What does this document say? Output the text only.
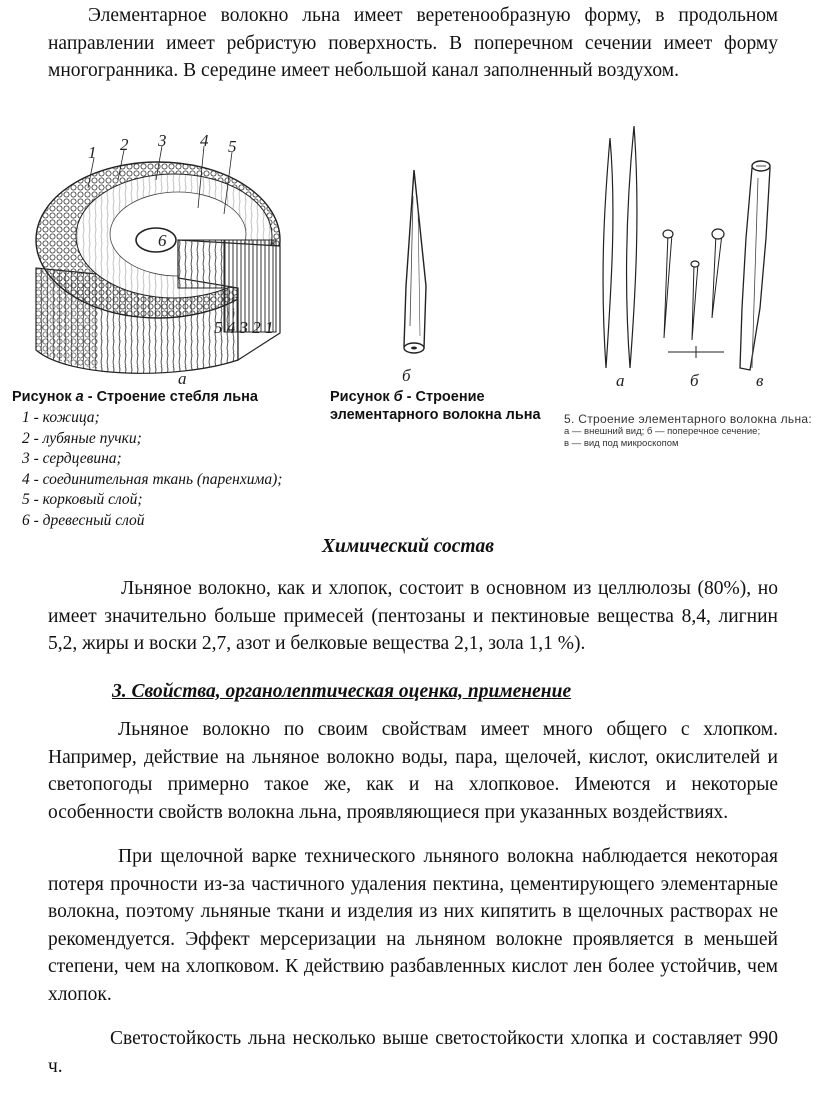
Элементарное волокно льна имеет веретенообразную форму, в продольном направлении имеет ребристую поверхность. В поперечном сечении имеет форму многогранника. В середине имеет небольшой канал заполненный воздухом.

6
1 2 3 4 5
5 4 3 2 1
а
Рисунок а - Строение стебля льна
1 - кожица;
2 - лубяные пучки;
3 - сердцевина;
4 - соединительная ткань (паренхима);
5 - корковый слой;
6 - древесный слой
б
Рисунок б - Строение
элементарного волокна льна
а	б	в
5. Строение элементарного волокна льна:
а — внешний вид; б — поперечное сечение;
в — вид под микроскопом
Химический состав

Льняное волокно, как и хлопок, состоит в основном из целлюлозы (80%), но имеет значительно больше примесей (пентозаны и пектиновые вещества 8,4, лигнин 5,2, жиры и воски 2,7, азот и белковые вещества 2,1, зола 1,1 %).

3. Свойства, органолептическая оценка, применение

Льняное волокно по своим свойствам имеет много общего с хлопком. Например, действие на льняное волокно воды, пара, щелочей, кислот, окислителей и светопогоды примерно такое же, как и на хлопковое. Имеются и некоторые особенности свойств волокна льна, проявляющиеся при указанных воздействиях.

При щелочной варке технического льняного волокна наблюдается некоторая потеря прочности из-за частичного удаления пектина, цементирующего элементарные волокна, поэтому льняные ткани и изделия из них кипятить в щелочных растворах не рекомендуется. Эффект мерсеризации на льняном волокне проявляется в меньшей степени, чем на хлопковом. К действию разбавленных кислот лен более устойчив, чем хлопок.

Светостойкость льна несколько выше светостойкости хлопка и составляет 990 ч.
